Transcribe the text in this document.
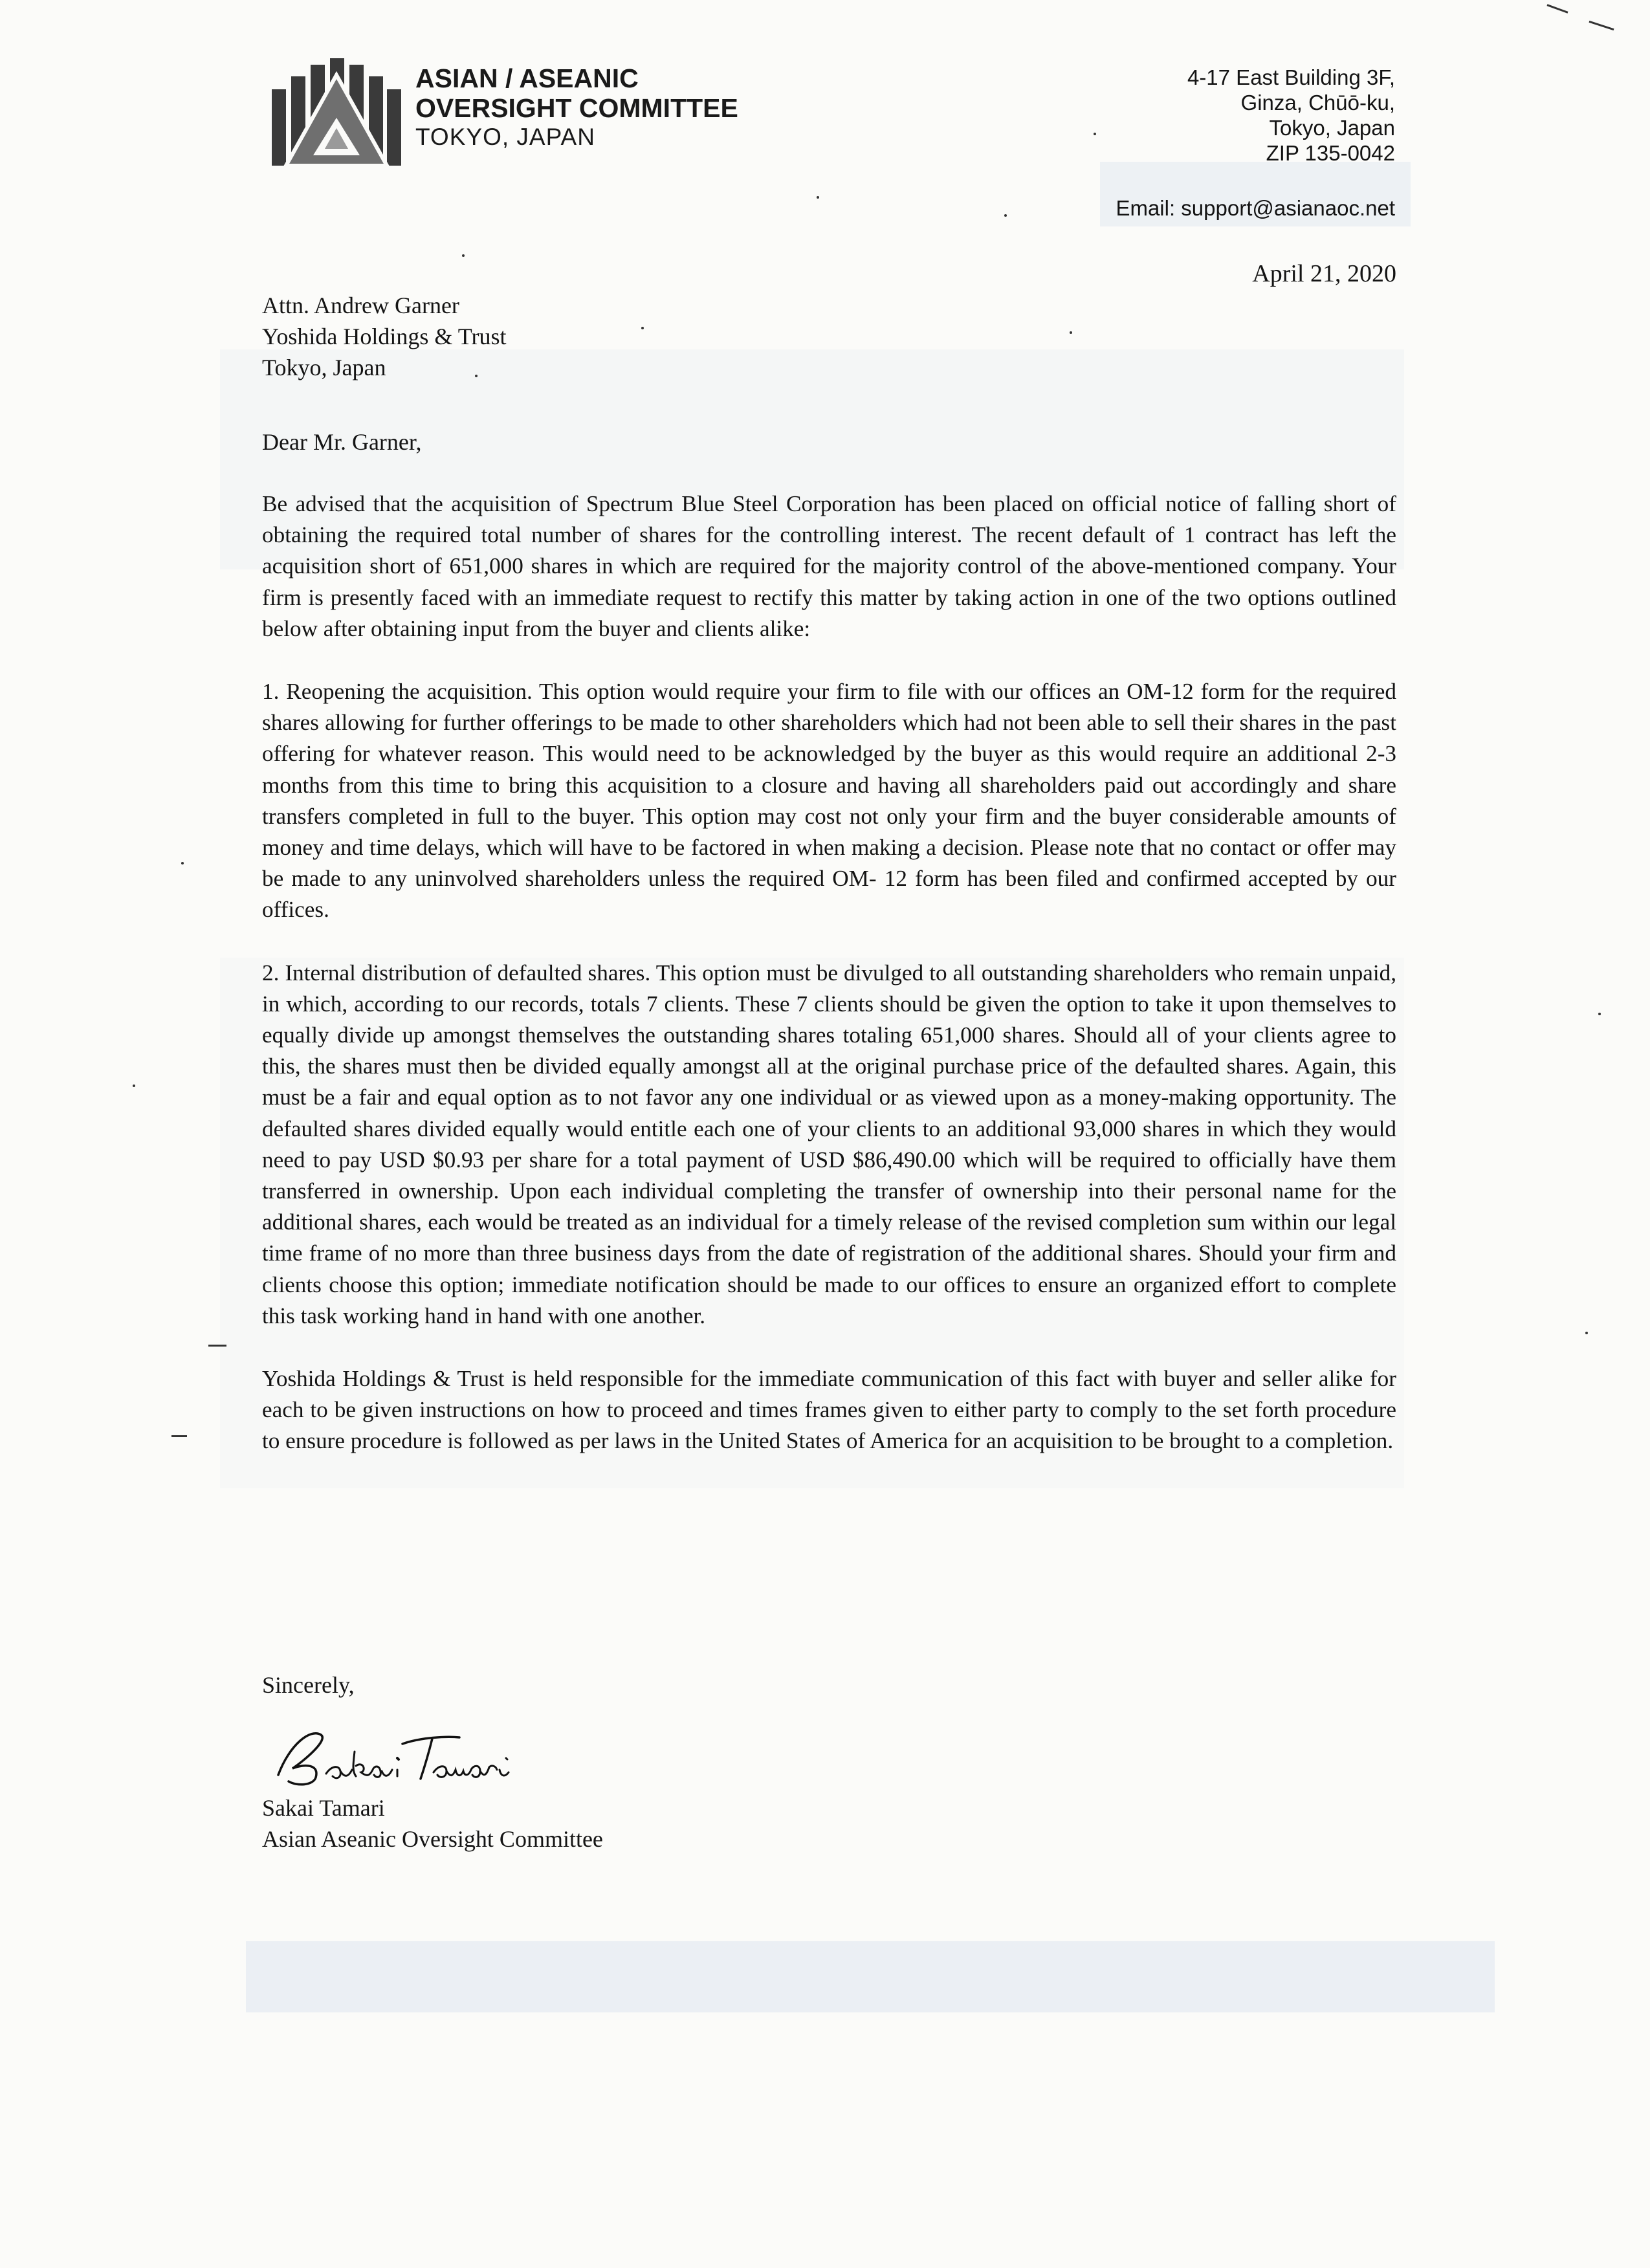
ASIAN / ASEANIC
OVERSIGHT COMMITTEE
TOKYO, JAPAN
4-17 East Building 3F,
Ginza, Chūō-ku,
Tokyo, Japan
ZIP 135-0042
Email: support@asianaoc.net
April 21, 2020
Attn. Andrew Garner
Yoshida Holdings & Trust
Tokyo, Japan
Dear Mr. Garner,

Be advised that the acquisition of Spectrum Blue Steel Corporation has been placed on official notice of falling short of obtaining the required total number of shares for the controlling interest. The recent default of 1 contract has left the acquisition short of 651,000 shares in which are required for the majority control of the above-mentioned company. Your firm is presently faced with an immediate request to rectify this matter by taking action in one of the two options outlined below after obtaining input from the buyer and clients alike:

1. Reopening the acquisition. This option would require your firm to file with our offices an OM-12 form for the required shares allowing for further offerings to be made to other shareholders which had not been able to sell their shares in the past offering for whatever reason. This would need to be acknowledged by the buyer as this would require an additional 2-3 months from this time to bring this acquisition to a closure and having all shareholders paid out accordingly and share transfers completed in full to the buyer. This option may cost not only your firm and the buyer considerable amounts of money and time delays, which will have to be factored in when making a decision. Please note that no contact or offer may be made to any uninvolved shareholders unless the required OM- 12 form has been filed and confirmed accepted by our offices.

2. Internal distribution of defaulted shares. This option must be divulged to all outstanding shareholders who remain unpaid, in which, according to our records, totals 7 clients. These 7 clients should be given the option to take it upon themselves to equally divide up amongst themselves the outstanding shares totaling 651,000 shares. Should all of your clients agree to this, the shares must then be divided equally amongst all at the original purchase price of the defaulted shares. Again, this must be a fair and equal option as to not favor any one individual or as viewed upon as a money-making opportunity. The defaulted shares divided equally would entitle each one of your clients to an additional 93,000 shares in which they would need to pay USD $0.93 per share for a total payment of USD $86,490.00 which will be required to officially have them transferred in ownership. Upon each individual completing the transfer of ownership into their personal name for the additional shares, each would be treated as an individual for a timely release of the revised completion sum within our legal time frame of no more than three business days from the date of registration of the additional shares. Should your firm and clients choose this option; immediate notification should be made to our offices to ensure an organized effort to complete this task working hand in hand with one another.

Yoshida Holdings & Trust is held responsible for the immediate communication of this fact with buyer and seller alike for each to be given instructions on how to proceed and times frames given to either party to comply to the set forth procedure to ensure procedure is followed as per laws in the United States of America for an acquisition to be brought to a completion.

Sincerely,
Sakai Tamari
Asian Aseanic Oversight Committee
